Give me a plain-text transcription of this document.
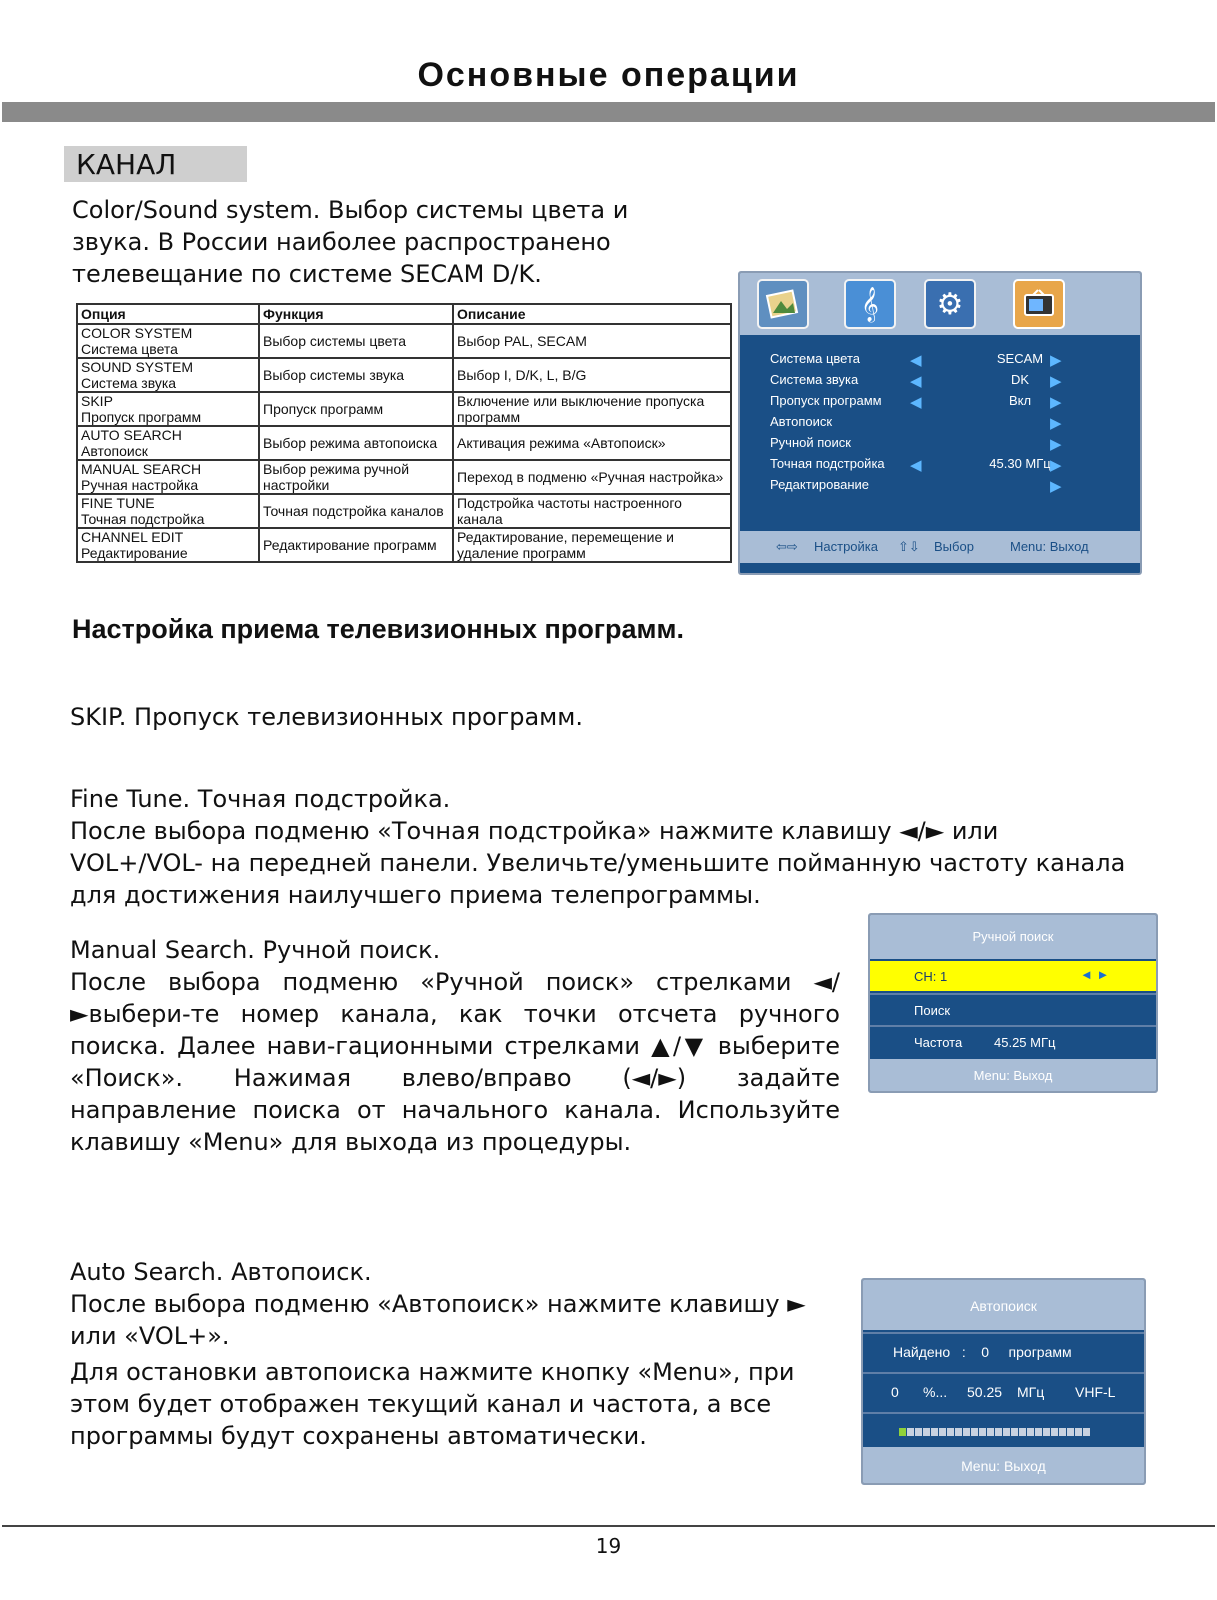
Основные операции
КАНАЛ
Color/Sound system. Выбор системы цвета и звука. В России наиболее распространено телевещание по системе SECAM D/K.
Опция	Функция	Описание

COLOR SYSTEM
Система цвета	Выбор системы цвета	Выбор PAL, SECAM

SOUND SYSTEM
Система звука	Выбор системы звука	Выбор I, D/K, L, B/G

SKIP
Пропуск программ	Пропуск программ	Включение или выключение пропуска программ

AUTO SEARCH
Автопоиск	Выбор режима автопоиска	Активация режима «Автопоиск»

MANUAL SEARCH
Ручная настройка	Выбор режима ручной настройки	Переход в подменю «Ручная настройка»

FINE TUNE
Точная подстройка	Точная подстройка каналов	Подстройка частоты настроенного канала

CHANNEL EDIT
Редактирование	Редактирование программ	Редактирование, перемещение и удаление программ
𝄞	⚙
Система цвета	◀	SECAM ▶
Система звука	◀	DK	▶
Пропуск программ ◀	Вкл	▶
Автопоиск	▶
Ручной поиск	▶
Точная подстройка ◀	45.30 МГц ▶
Редактирование	▶
⇦⇨ Настройка ⇧⇩ Выбор	Menu: Выход
Настройка приема телевизионных программ.
SKIP. Пропуск телевизионных программ.
Fine Tune. Точная подстройка.
После выбора подменю «Точная подстройка» нажмите клавишу ◄/► или VOL+/VOL- на передней панели. Увеличьте/уменьшите пойманную частоту канала для достижения наилучшего приема телепрограммы.
Manual Search. Ручной поиск.
После выбора подменю «Ручной поиск» стрелками ◄/►выбери-те номер канала, как точки отсчета ручного поиска. Далее нави-гационными стрелками ▲/▼ выберите «Поиск». Нажимая влево/вправо (◄/►) задайте направление поиска от начального канала. Используйте клавишу «Menu» для выхода из процедуры.
Ручной поиск
CH: 1	◄ ►
Поиск
Частота 45.25 МГц
Menu: Выход
Auto Search. Автопоиск.
После выбора подменю «Автопоиск» нажмите клавишу ► или «VOL+».
Для остановки автопоиска нажмите кнопку «Menu», при этом будет отображен текущий канал и частота, а все программы будут сохранены автоматически.
Автопоиск
Найдено   :    0     программ
0 %... 50.25 МГц VHF-L
Menu: Выход
19
